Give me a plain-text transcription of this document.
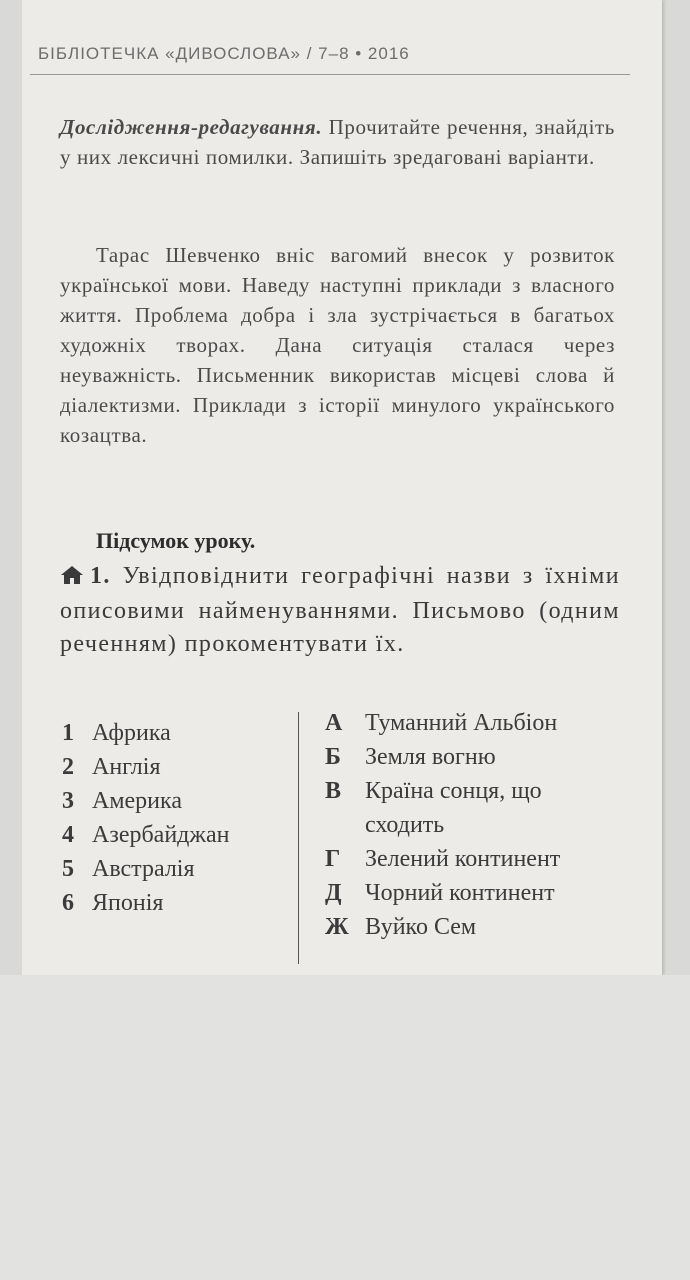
БІБЛІОТЕЧКА «ДИВОСЛОВА» / 7–8 • 2016
Дослідження-редагування. Прочитайте речення, знайдіть у них лексичні помилки. Запишіть зредаговані варіанти.
Тарас Шевченко вніс вагомий внесок у розвиток української мови. Наведу наступні приклади з власного життя. Проблема добра і зла зустрічається в багатьох художніх творах. Дана ситуація сталася через неуважність. Письменник використав місцеві слова й діалектизми. Приклади з історії минулого українського козацтва.
Підсумок уроку.
1. Увідповіднити географічні назви з їхніми описовими найменуваннями. Письмово (одним реченням) прокоментувати їх.
1 Африка
2 Англія
3 Америка
4 Азербайджан
5 Австралія
6 Японія
А Туманний Альбіон
Б Земля вогню
В Країна сонця, що
сходить
Г Зелений континент
Д Чорний континент
Ж Вуйко Сем
